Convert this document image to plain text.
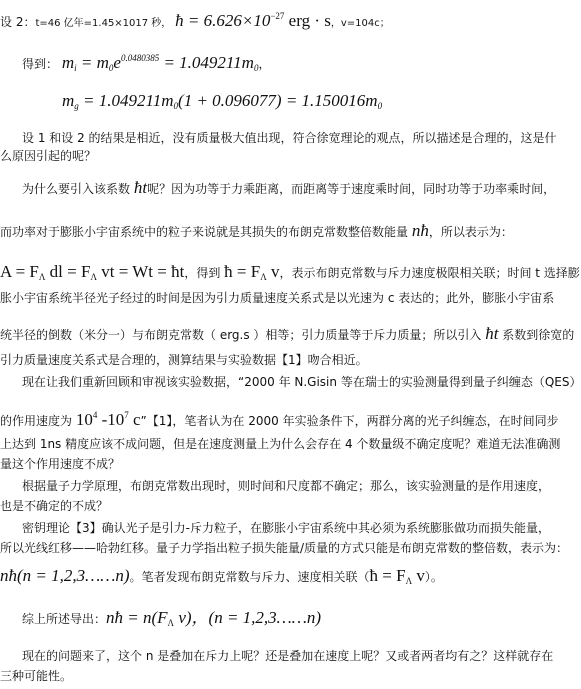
设 2：t=46 亿年=1.45×1017 秒， ħ = $6.626\times 10^{-27}$ erg · s，v=104c；
得到： $m_i = m_0e^{0.0480385} = 1.049211m_0$，
$m_g = 1.049211m_0(1 + 0.096077) = 1.150016m_0$
设 1 和设 2 的结果是相近，没有质量极大值出现，符合徐宽理论的观点，所以描述是合理的，这是什
么原因引起的呢？
为什么要引入该系数 ħt呢？因为功等于力乘距离，而距离等于速度乘时间，同时功等于功率乘时间，
而功率对于膨胀小宇宙系统中的粒子来说就是其损失的布朗克常数整倍数能量 nħ，所以表示为：
$A = F_\Lambda$ dl = $F_\Lambda$ vt = Wt = ħt，得到 ħ = $F_\Lambda$ v，表示布朗克常数与斥力速度极限相关联；时间 t 选择膨
胀小宇宙系统半径光子经过的时间是因为引力质量速度关系式是以光速为 c 表达的；此外，膨胀小宇宙系
统半径的倒数（米分一）与布朗克常数（ erg.s ）相等；引力质量等于斥力质量；所以引入 ħt 系数到徐宽的
引力质量速度关系式是合理的，测算结果与实验数据【1】吻合相近。
现在让我们重新回顾和审视该实验数据，“2000 年 N.Gisin 等在瑞士的实验测量得到量子纠缠态（QES）
的作用速度为 $10^4$ $-10^7$ c”【1】，笔者认为在 2000 年实验条件下，两群分离的光子纠缠态，在时间同步
上达到 1ns 精度应该不成问题，但是在速度测量上为什么会存在 4 个数量级不确定度呢？难道无法准确测
量这个作用速度不成？
根据量子力学原理，布朗克常数出现时，则时间和尺度都不确定；那么，该实验测量的是作用速度，
也是不确定的不成？
密钥理论【3】确认光子是引力-斥力粒子，在膨胀小宇宙系统中其必须为系统膨胀做功而损失能量，
所以光线红移——哈勃红移。量子力学指出粒子损失能量/质量的方式只能是布朗克常数的整倍数，表示为：
nħ(n = 1,2,3……n)。笔者发现布朗克常数与斥力、速度相关联（ħ = $F_\Lambda$ v）。
综上所述导出：nħ = $n(F_\Lambda$ v)，(n = 1,2,3……n)
现在的问题来了，这个 n 是叠加在斥力上呢？还是叠加在速度上呢？又或者两者均有之？这样就存在
三种可能性。
